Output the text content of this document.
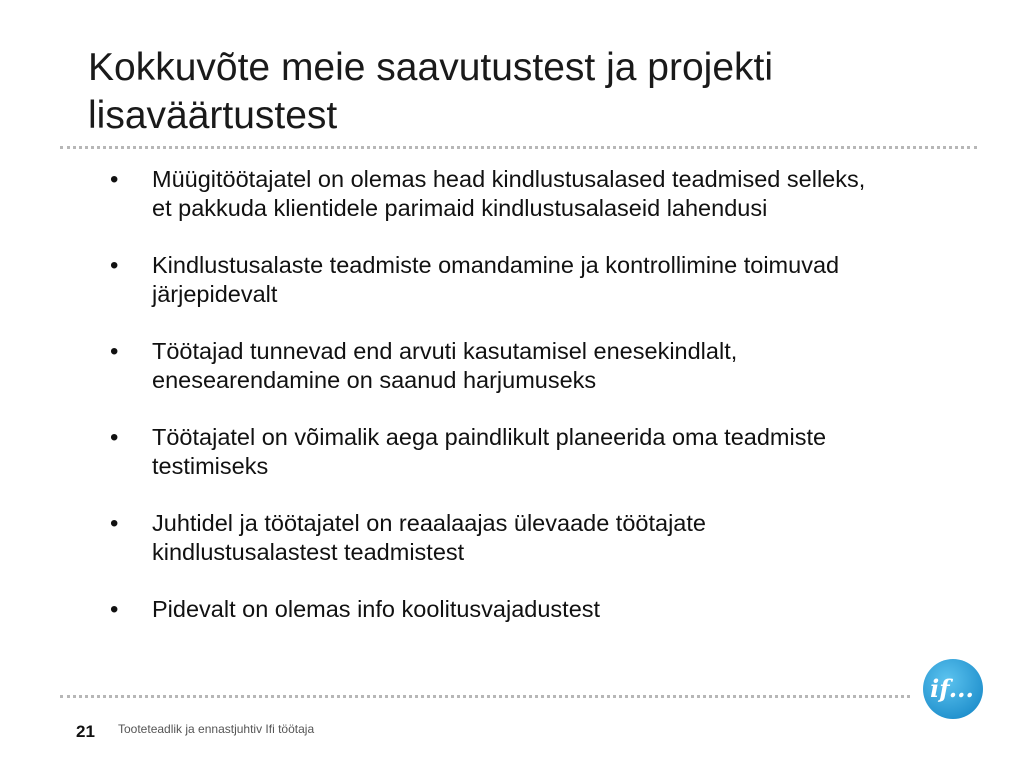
Kokkuvõte meie saavutustest ja projekti lisaväärtustest
• Müügitöötajatel on olemas head kindlustusalased teadmised selleks, et pakkuda klientidele parimaid kindlustusalaseid lahendusi
• Kindlustusalaste teadmiste omandamine ja kontrollimine toimuvad järjepidevalt
• Töötajad tunnevad end arvuti kasutamisel enesekindlalt, enesearendamine on saanud harjumuseks
• Töötajatel on võimalik aega paindlikult planeerida oma teadmiste testimiseks
• Juhtidel ja töötajatel on reaalaajas ülevaade töötajate kindlustusalastest teadmistest
• Pidevalt on olemas info koolitusvajadustest
if...
21 Tooteteadlik ja ennastjuhtiv Ifi töötaja
